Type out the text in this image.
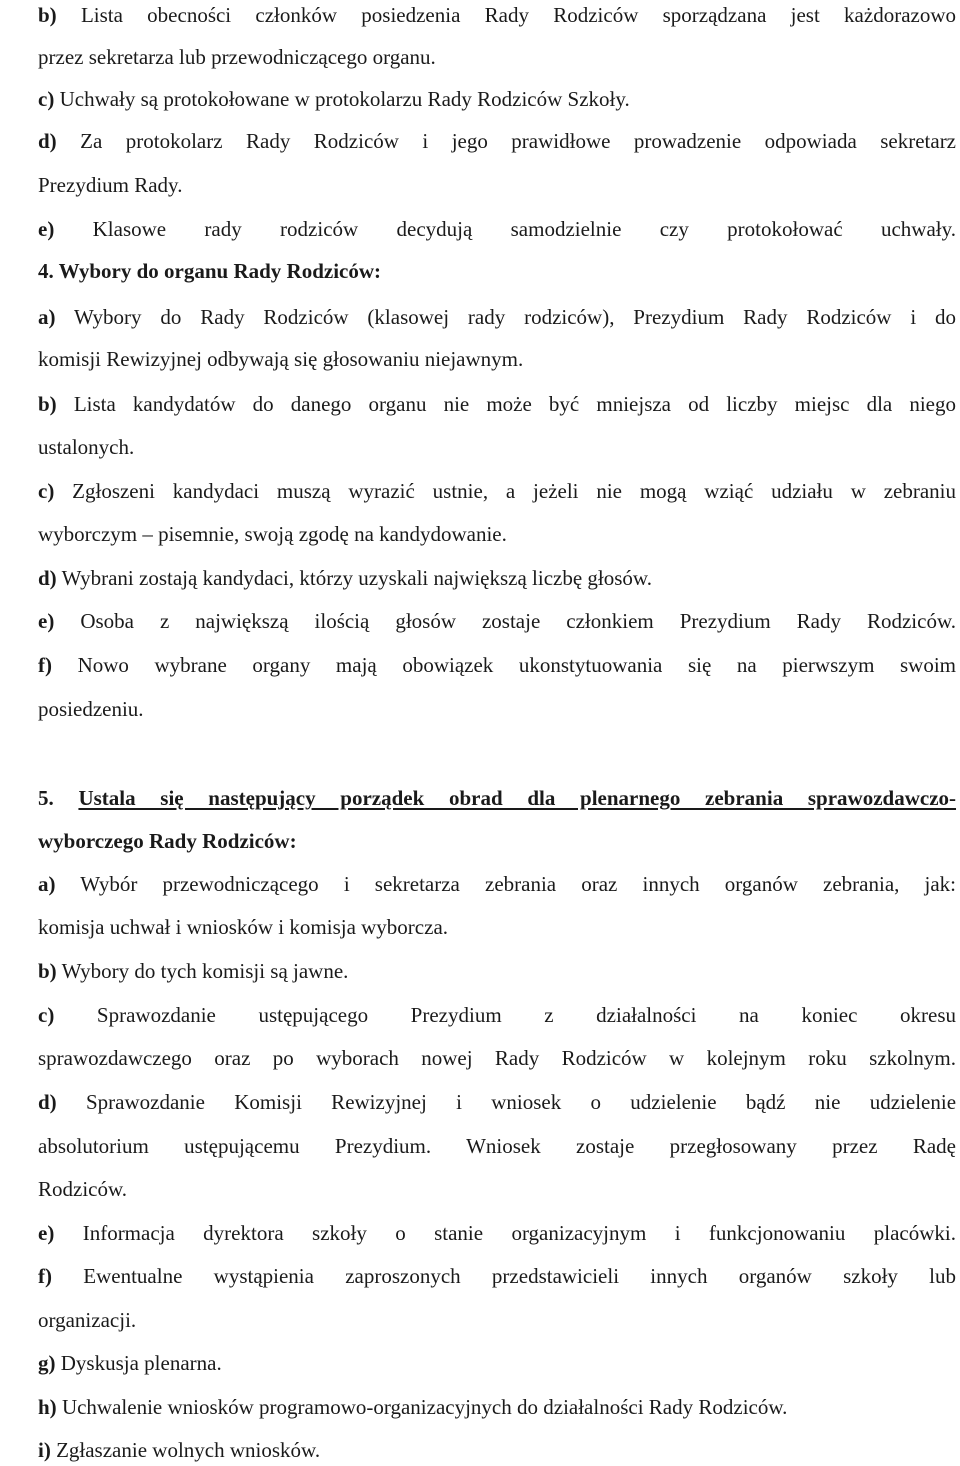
b) Lista obecności członków posiedzenia Rady Rodziców sporządzana jest każdorazowo
przez sekretarza lub przewodniczącego organu.
c) Uchwały są protokołowane w protokolarzu Rady Rodziców Szkoły.
d) Za protokolarz Rady Rodziców i jego prawidłowe prowadzenie odpowiada sekretarz
Prezydium Rady.
e) Klasowe rady rodziców decydują samodzielnie czy protokołować uchwały.
4. Wybory do organu Rady Rodziców:
a) Wybory do Rady Rodziców (klasowej rady rodziców), Prezydium Rady Rodziców i do
komisji Rewizyjnej odbywają się głosowaniu niejawnym.
b) Lista kandydatów do danego organu nie może być mniejsza od liczby miejsc dla niego
ustalonych.
c) Zgłoszeni kandydaci muszą wyrazić ustnie, a jeżeli nie mogą wziąć udziału w zebraniu
wyborczym – pisemnie, swoją zgodę na kandydowanie.
d) Wybrani zostają kandydaci, którzy uzyskali największą liczbę głosów.
e) Osoba z największą ilością głosów zostaje członkiem Prezydium Rady Rodziców.
f) Nowo wybrane organy mają obowiązek ukonstytuowania się na pierwszym swoim
posiedzeniu.
5. Ustala się następujący porządek obrad dla plenarnego zebrania sprawozdawczo-
wyborczego Rady Rodziców:
a) Wybór przewodniczącego i sekretarza zebrania oraz innych organów zebrania, jak:
komisja uchwał i wniosków i komisja wyborcza.
b) Wybory do tych komisji są jawne.
c) Sprawozdanie ustępującego Prezydium z działalności na koniec okresu
sprawozdawczego oraz po wyborach nowej Rady Rodziców w kolejnym roku szkolnym.
d) Sprawozdanie Komisji Rewizyjnej i wniosek o udzielenie bądź nie udzielenie
absolutorium ustępującemu Prezydium. Wniosek zostaje przegłosowany przez Radę
Rodziców.
e) Informacja dyrektora szkoły o stanie organizacyjnym i funkcjonowaniu placówki.
f) Ewentualne wystąpienia zaproszonych przedstawicieli innych organów szkoły lub
organizacji.
g) Dyskusja plenarna.
h) Uchwalenie wniosków programowo-organizacyjnych do działalności Rady Rodziców.
i) Zgłaszanie wolnych wniosków.
